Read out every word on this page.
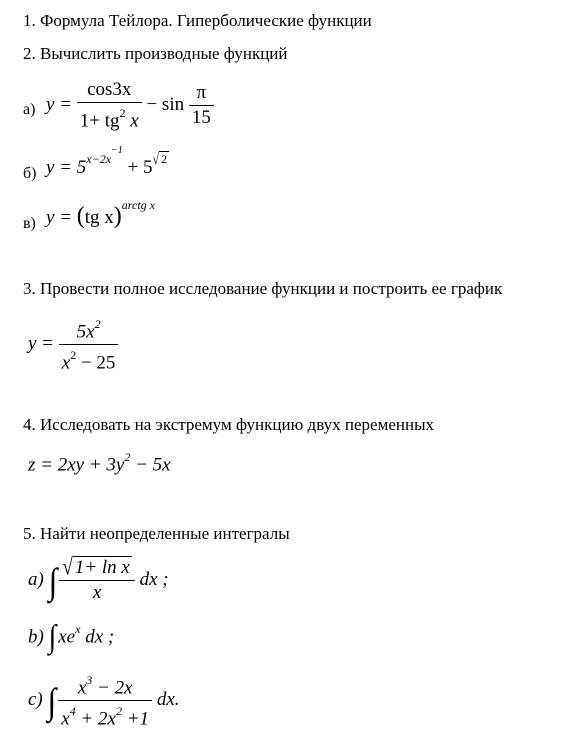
1. Формула Тейлора. Гиперболические функции
2. Вычислить производные функций
а) $y = \frac{\cos 3x}{1+ tg^2 x} - \sin \frac{\pi}{15}$
б) $y = 5^{x-2x^{-1}} + 5^{√ 2}$
в) y = (tg x)$^{arctg x}$
3. Провести полное исследование функции и построить ее график
$y = \frac{5x^2}{x^2 - 25}$
4. Исследовать на экстремум функцию двух переменных
$z = 2xy + 3y^2 - 5x$
5. Найти неопределенные интегралы
a) ∫ $\frac{\text{√ 1+ ln x}}{x}$ dx ;
b) ∫ $xe^x$ dx ;
c) ∫ $\frac{x^3 - 2x}{x^4 + 2x^2 +1}$ dx.
